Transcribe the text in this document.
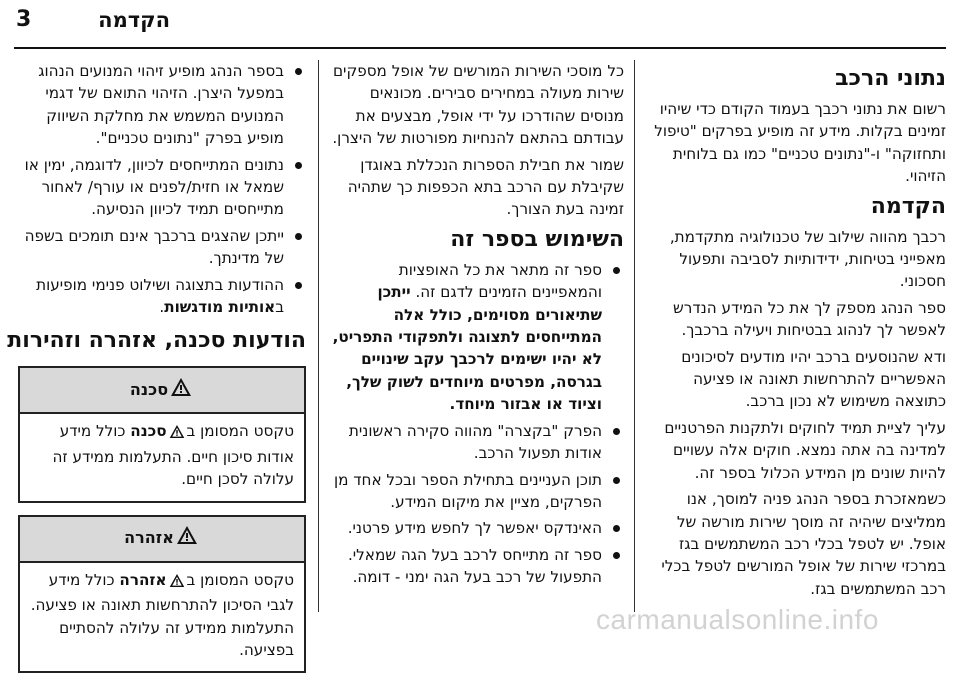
3	הקדמה
נתוני הרכב

רשום את נתוני רכבך בעמוד הקודם כדי שיהיו זמינים בקלות. מידע זה מופיע בפרקים "טיפול ותחזוקה" ו-"נתונים טכניים" כמו גם בלוחית הזיהוי.

הקדמה

רכבך מהווה שילוב של טכנולוגיה מתקדמת, מאפייני בטיחות, ידידותיות לסביבה ותפעול חסכוני.

ספר הנהג מספק לך את כל המידע הנדרש לאפשר לך לנהוג בבטיחות ויעילה ברכבך.

ודא שהנוסעים ברכב יהיו מודעים לסיכונים האפשריים להתרחשות תאונה או פציעה כתוצאה משימוש לא נכון ברכב.

עליך לציית תמיד לחוקים ולתקנות הפרטניים למדינה בה אתה נמצא. חוקים אלה עשויים להיות שונים מן המידע הכלול בספר זה.

כשמאזכרת בספר הנהג פניה למוסך, אנו ממליצים שיהיה זה מוסך שירות מורשה של אופל. יש לטפל בכלי רכב המשתמשים בגז במרכזי שירות של אופל המורשים לטפל בכלי רכב המשתמשים בגז.

כל מוסכי השירות המורשים של אופל מספקים שירות מעולה במחירים סבירים. מכונאים מנוסים שהודרכו על ידי אופל, מבצעים את עבודתם בהתאם להנחיות מפורטות של היצרן.

שמור את חבילת הספרות הנכללת באוגדן שקיבלת עם הרכב בתא הכפפות כך שתהיה זמינה בעת הצורך.

השימוש בספר זה
ספר זה מתאר את כל האופציות והמאפיינים הזמינים לדגם זה. ייתכן שתיאורים מסוימים, כולל אלה המתייחסים לתצוגה ולתפקודי התפריט, לא יהיו ישימים לרכבך עקב שינויים בגרסה, מפרטים מיוחדים לשוק שלך, וציוד או אבזור מיוחד.
הפרק "בקצרה" מהווה סקירה ראשונית אודות תפעול הרכב.
תוכן העניינים בתחילת הספר ובכל אחד מן הפרקים, מציין את מיקום המידע.
האינדקס יאפשר לך לחפש מידע פרטני.
ספר זה מתייחס לרכב בעל הגה שמאלי. התפעול של רכב בעל הגה ימני - דומה.
בספר הנהג מופיע זיהוי המנועים הנהוג במפעל היצרן. הזיהוי התואם של דגמי המנועים המשמש את מחלקת השיווק מופיע בפרק "נתונים טכניים".
נתונים המתייחסים לכיוון, לדוגמה, ימין או שמאל או חזית/לפנים או עורף/ לאחור מתייחסים תמיד לכיוון הנסיעה.
ייתכן שהצגים ברכבך אינם תומכים בשפה של מדינתך.
ההודעות בתצוגה ושילוט פנימי מופיעות באותיות מודגשות.
הודעות סכנה, אזהרה וזהירות
סכנה
טקסט המסומן בסכנה כולל מידע אודות סיכון חיים. התעלמות ממידע זה עלולה לסכן חיים.
אזהרה
טקסט המסומן באזהרה כולל מידע לגבי הסיכון להתרחשות תאונה או פציעה. התעלמות ממידע זה עלולה להסתיים בפציעה.
carmanualsonline.info
